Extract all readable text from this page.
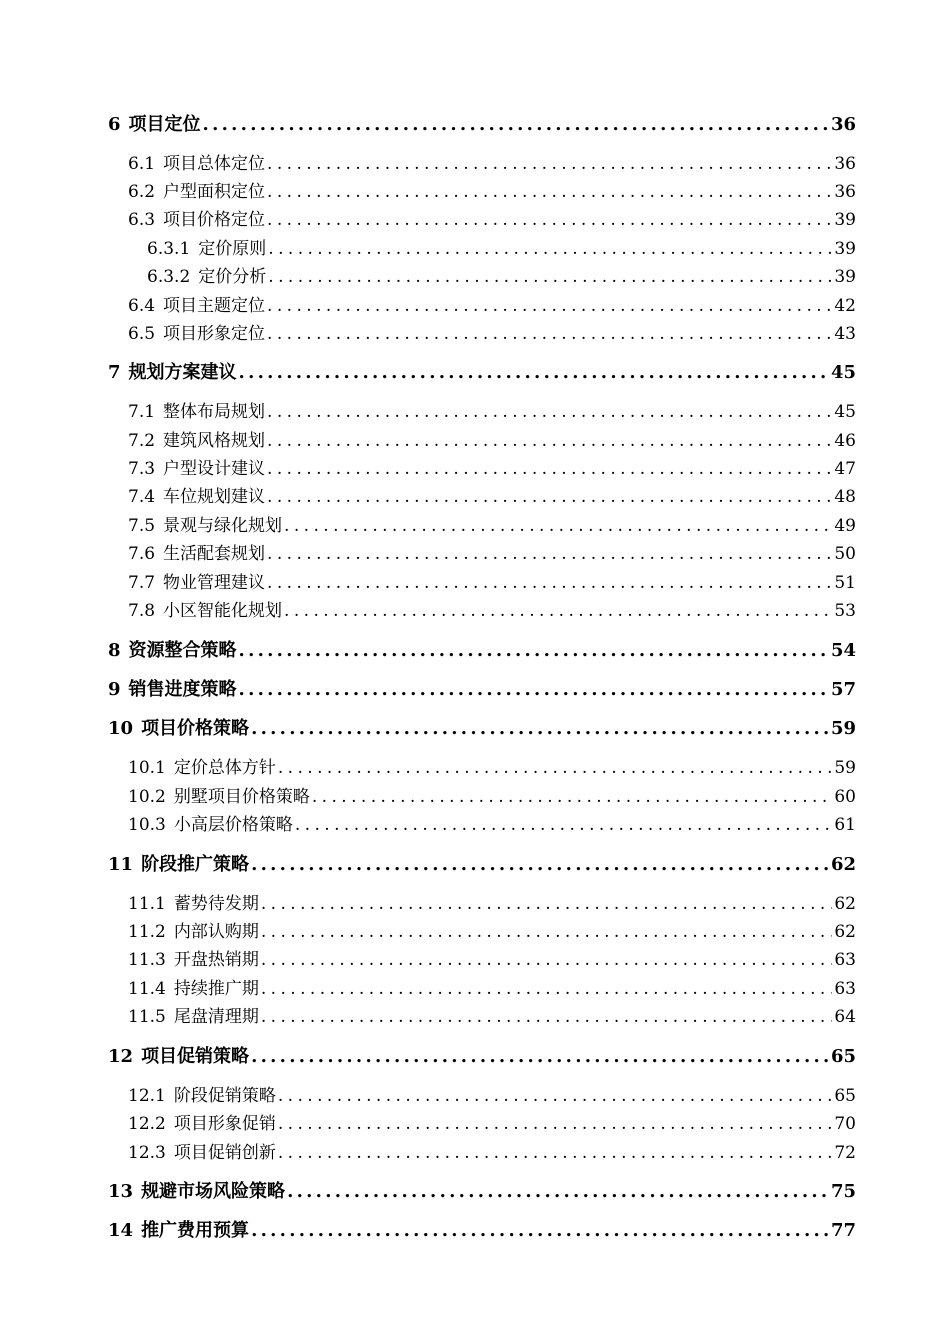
6 项目定位 . . .	36
6.1 项目总体定位 . . .	36
6.2 户型面积定位 . . .	36
6.3 项目价格定位 . . .	39
6.3.1 定价原则 . . .	39
6.3.2 定价分析 . . .	39
6.4 项目主题定位 . . .	42
6.5 项目形象定位 . . .	43
7 规划方案建议 . . .	45
7.1 整体布局规划 . . .	45
7.2 建筑风格规划 . . .	46
7.3 户型设计建议 . . .	47
7.4 车位规划建议 . . .	48
7.5 景观与绿化规划 . . .	49
7.6 生活配套规划 . . .	50
7.7 物业管理建议 . . .	51
7.8 小区智能化规划 . . .	53
8 资源整合策略 . . .	54
9 销售进度策略 . . .	57
10 项目价格策略 . . .	59
10.1 定价总体方针 . . .	59
10.2 别墅项目价格策略 . . .	60
10.3 小高层价格策略 . . .	61
11 阶段推广策略 . . .	62
11.1 蓄势待发期 . . .	62
11.2 内部认购期 . . .	62
11.3 开盘热销期 . . .	63
11.4 持续推广期 . . .	63
11.5 尾盘清理期 . . .	64
12 项目促销策略 . . .	65
12.1 阶段促销策略 . . .	65
12.2 项目形象促销 . . .	70
12.3 项目促销创新 . . .	72
13 规避市场风险策略 . . .	75
14 推广费用预算 . . .	77
